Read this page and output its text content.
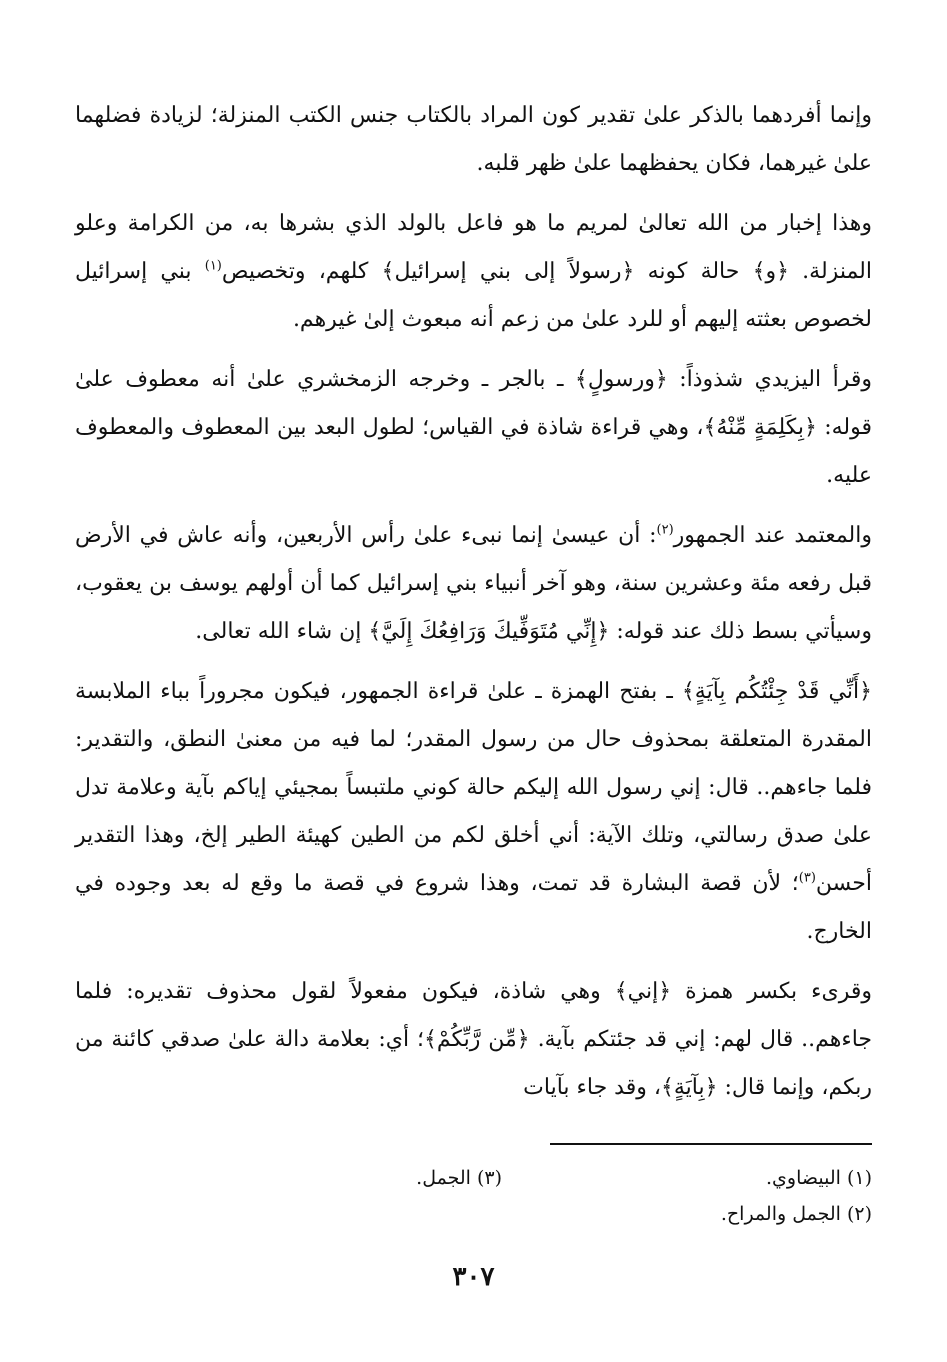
وإنما أفردهما بالذكر علىٰ تقدير كون المراد بالكتاب جنس الكتب المنزلة؛ لزيادة فضلهما علىٰ غيرهما، فكان يحفظهما علىٰ ظهر قلبه.

وهذا إخبار من الله تعالىٰ لمريم ما هو فاعل بالولد الذي بشرها به، من الكرامة وعلو المنزلة. ﴿و﴾ حالة كونه ﴿رسولاً إلى بني إسرائيل﴾ كلهم، وتخصيص$^{(١)}$ بني إسرائيل لخصوص بعثته إليهم أو للرد علىٰ من زعم أنه مبعوث إلىٰ غيرهم.

وقرأ اليزيدي شذوذاً: ﴿ورسولٍ﴾ ـ بالجر ـ وخرجه الزمخشري علىٰ أنه معطوف علىٰ قوله: ﴿بِكَلِمَةٍ مِّنْهُ﴾، وهي قراءة شاذة في القياس؛ لطول البعد بين المعطوف والمعطوف عليه.

والمعتمد عند الجمهور$^{(٢)}$: أن عيسىٰ إنما نبىء علىٰ رأس الأربعين، وأنه عاش في الأرض قبل رفعه مئة وعشرين سنة، وهو آخر أنبياء بني إسرائيل كما أن أولهم يوسف بن يعقوب، وسيأتي بسط ذلك عند قوله: ﴿إِنِّي مُتَوَفِّيكَ وَرَافِعُكَ إِلَيَّ﴾ إن شاء الله تعالى.

﴿أَنِّي قَدْ جِئْتُكُم بِآيَةٍ﴾ ـ بفتح الهمزة ـ علىٰ قراءة الجمهور، فيكون مجروراً بباء الملابسة المقدرة المتعلقة بمحذوف حال من رسول المقدر؛ لما فيه من معنىٰ النطق، والتقدير: فلما جاءهم.. قال: إني رسول الله إليكم حالة كوني ملتبساً بمجيئي إياكم بآية وعلامة تدل علىٰ صدق رسالتي، وتلك الآية: أني أخلق لكم من الطين كهيئة الطير إلخ، وهذا التقدير أحسن$^{(٣)}$؛ لأن قصة البشارة قد تمت، وهذا شروع في قصة ما وقع له بعد وجوده في الخارج.

وقرىء بكسر همزة ﴿إني﴾ وهي شاذة، فيكون مفعولاً لقول محذوف تقديره: فلما جاءهم.. قال لهم: إني قد جئتكم بآية. ﴿مِّن رَّبِّكُمْ﴾؛ أي: بعلامة دالة علىٰ صدقي كائنة من ربكم، وإنما قال: ﴿بِآيَةٍ﴾، وقد جاء بآيات

(١) البيضاوي.
(٣) الجمل.
(٢) الجمل والمراح.
٣٠٧
